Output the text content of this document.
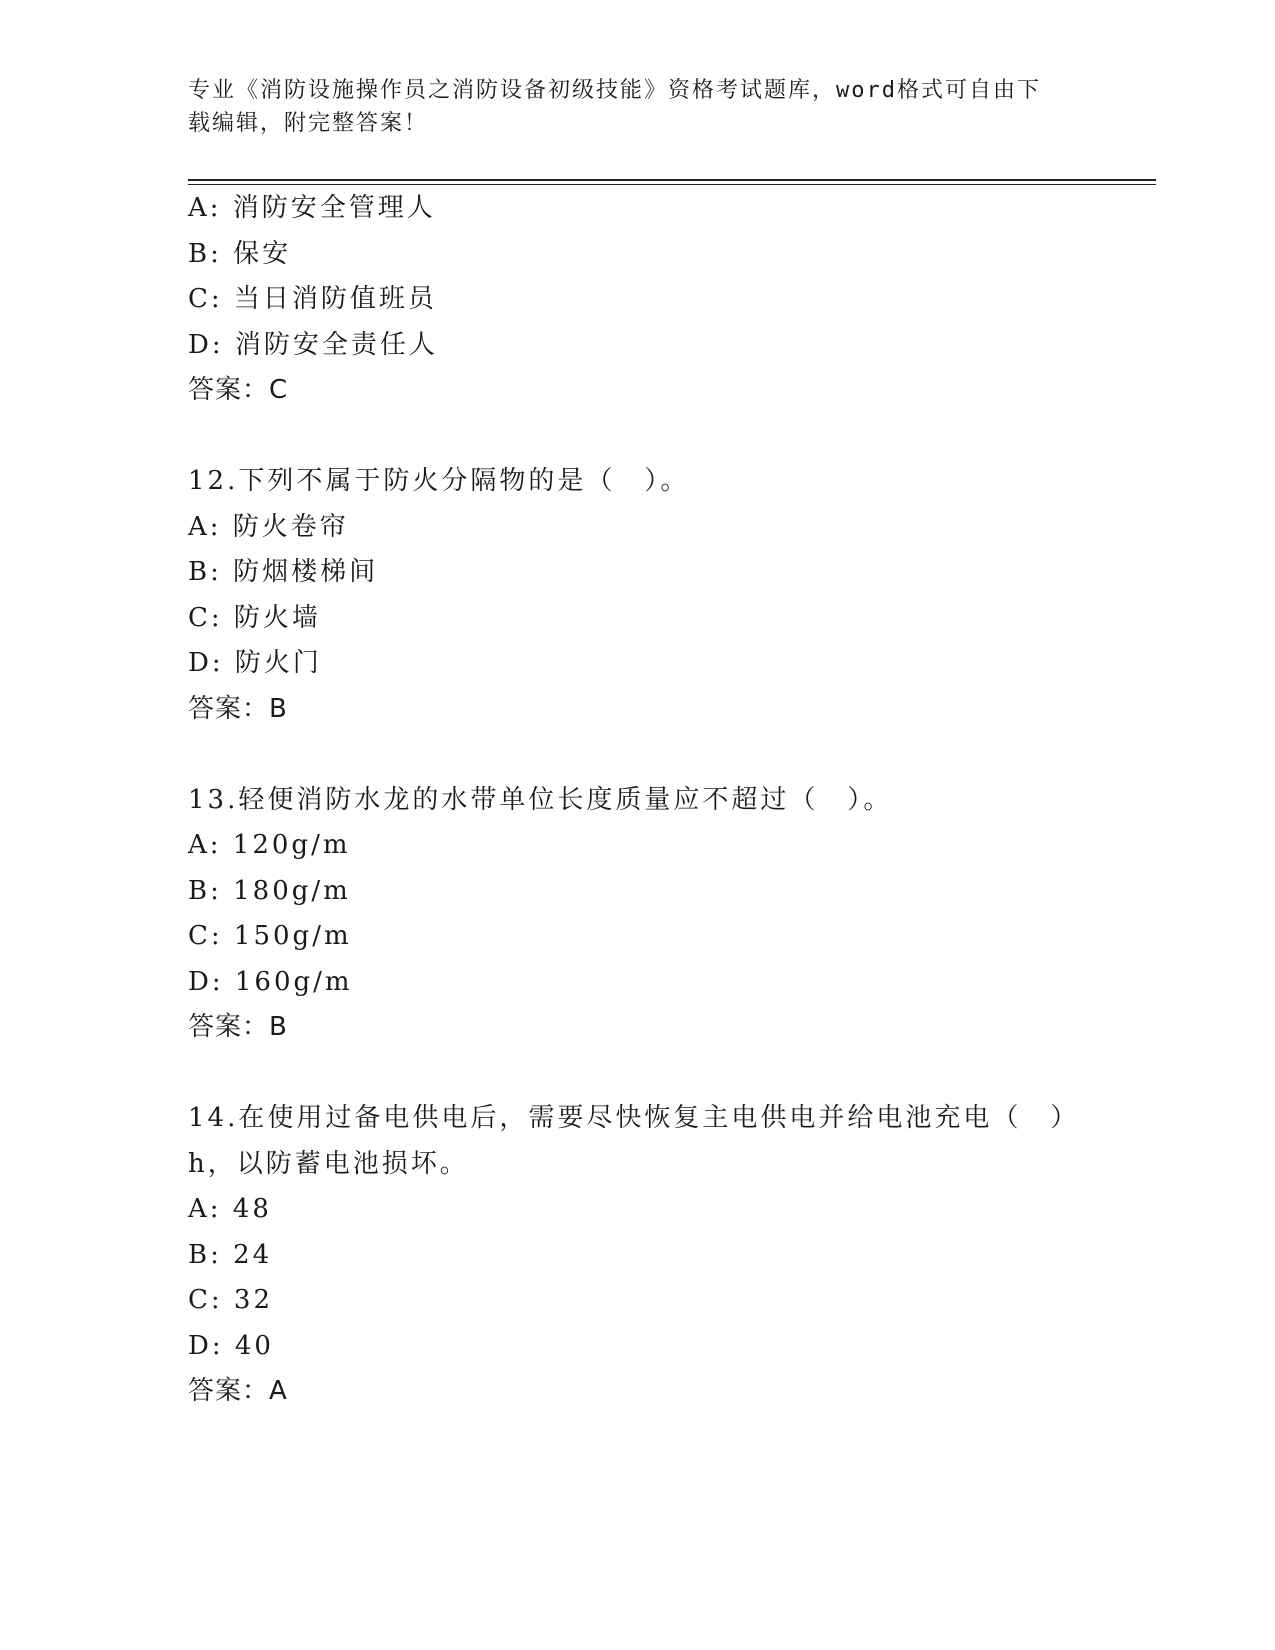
专业《消防设施操作员之消防设备初级技能》资格考试题库，word格式可自由下
载编辑，附完整答案！
A: 消防安全管理人
B: 保安
C: 当日消防值班员
D: 消防安全责任人
答案：C
12.下列不属于防火分隔物的是（　）。
A: 防火卷帘
B: 防烟楼梯间
C: 防火墙
D: 防火门
答案：B
13.轻便消防水龙的水带单位长度质量应不超过（　）。
A: 120g/m
B: 180g/m
C: 150g/m
D: 160g/m
答案：B
14.在使用过备电供电后，需要尽快恢复主电供电并给电池充电（　）
h，以防蓄电池损坏。
A: 48
B: 24
C: 32
D: 40
答案：A
